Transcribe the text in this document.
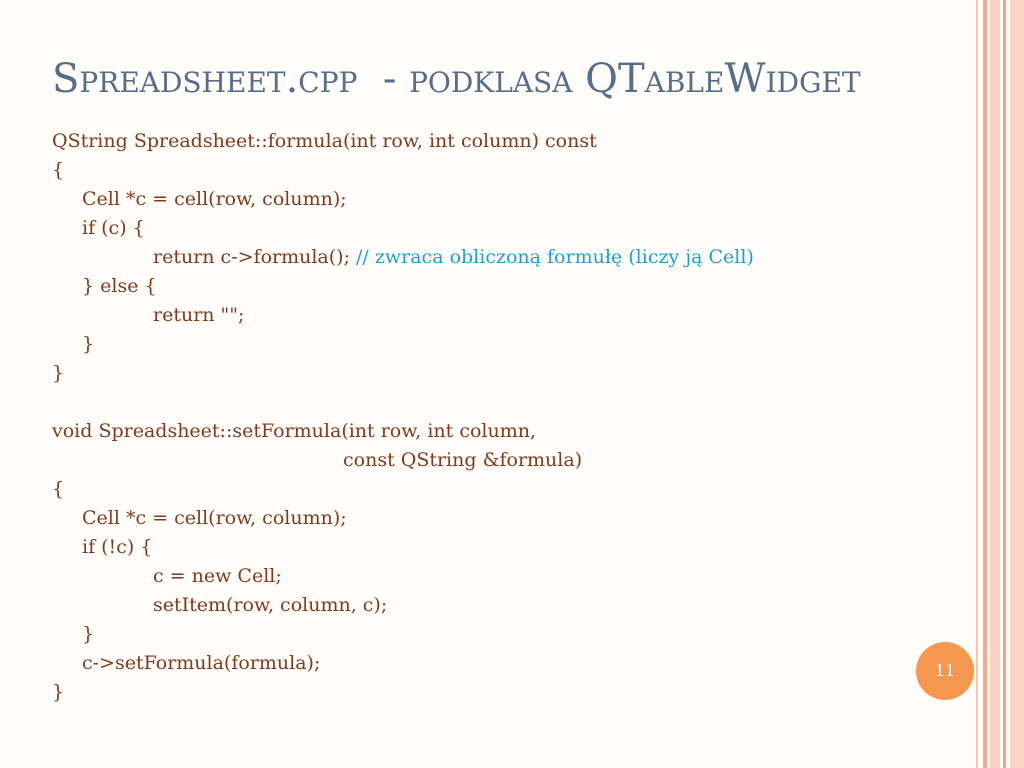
Spreadsheet.cpp  - podklasa QTableWidget
QString Spreadsheet::formula(int row, int column) const
{
Cell *c = cell(row, column);
if (c) {
return c->formula(); // zwraca obliczoną formułę (liczy ją Cell)
} else {
return "";
}
}
void Spreadsheet::setFormula(int row, int column,
const QString &formula)
{
Cell *c = cell(row, column);
if (!c) {
c = new Cell;
setItem(row, column, c);
}
c->setFormula(formula);
}
11
